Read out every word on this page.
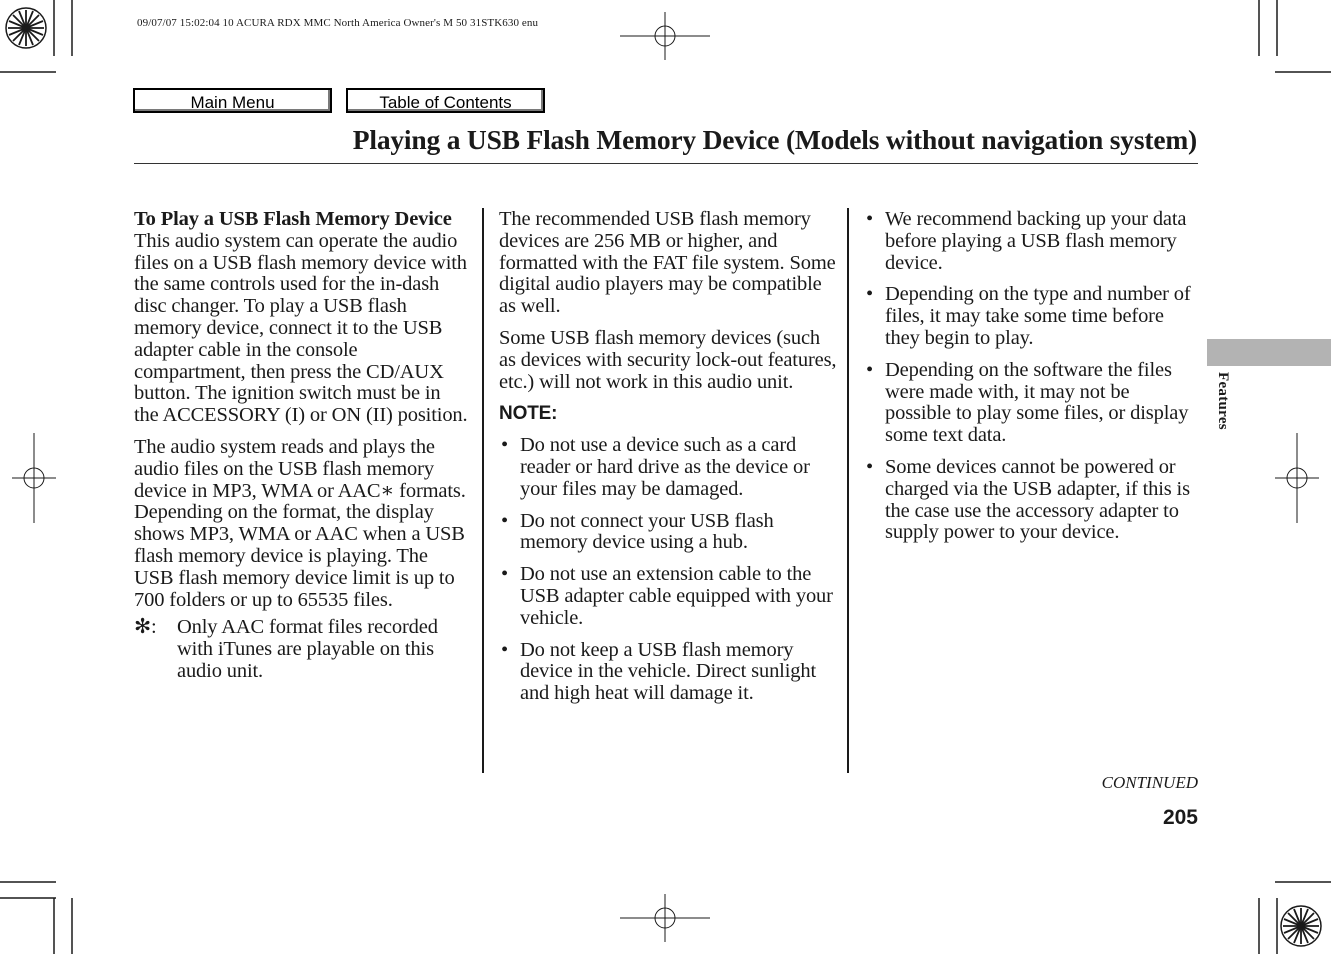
09/07/07 15:02:04 10 ACURA RDX MMC North America Owner's M 50 31STK630 enu
Main Menu	Table of Contents
Playing a USB Flash Memory Device (Models without navigation system)

To Play a USB Flash Memory Device

This audio system can operate the audio files on a USB flash memory device with the same controls used for the in-dash disc changer. To play a USB flash memory device, connect it to the USB adapter cable in the console compartment, then press the CD/AUX button. The ignition switch must be in the ACCESSORY (I) or ON (II) position.

The audio system reads and plays the audio files on the USB flash memory device in MP3, WMA or AAC∗ formats. Depending on the format, the display shows MP3, WMA or AAC when a USB flash memory device is playing. The USB flash memory device limit is up to 700 folders or up to 65535 files.

✻: Only AAC format files recorded with iTunes are playable on this audio unit.

The recommended USB flash memory devices are 256 MB or higher, and formatted with the FAT file system. Some digital audio players may be compatible as well.

Some USB flash memory devices (such as devices with security lock-out features, etc.) will not work in this audio unit.

NOTE:

• Do not use a device such as a card reader or hard drive as the device or your files may be damaged.
• Do not connect your USB flash memory device using a hub.
• Do not use an extension cable to the USB adapter cable equipped with your vehicle.
• Do not keep a USB flash memory device in the vehicle. Direct sunlight and high heat will damage it.
• We recommend backing up your data before playing a USB flash memory device.
• Depending on the type and number of files, it may take some time before they begin to play.
• Depending on the software the files were made with, it may not be possible to play some files, or display some text data.
• Some devices cannot be powered or charged via the USB adapter, if this is the case use the accessory adapter to supply power to your device.
Features
CONTINUED
205
